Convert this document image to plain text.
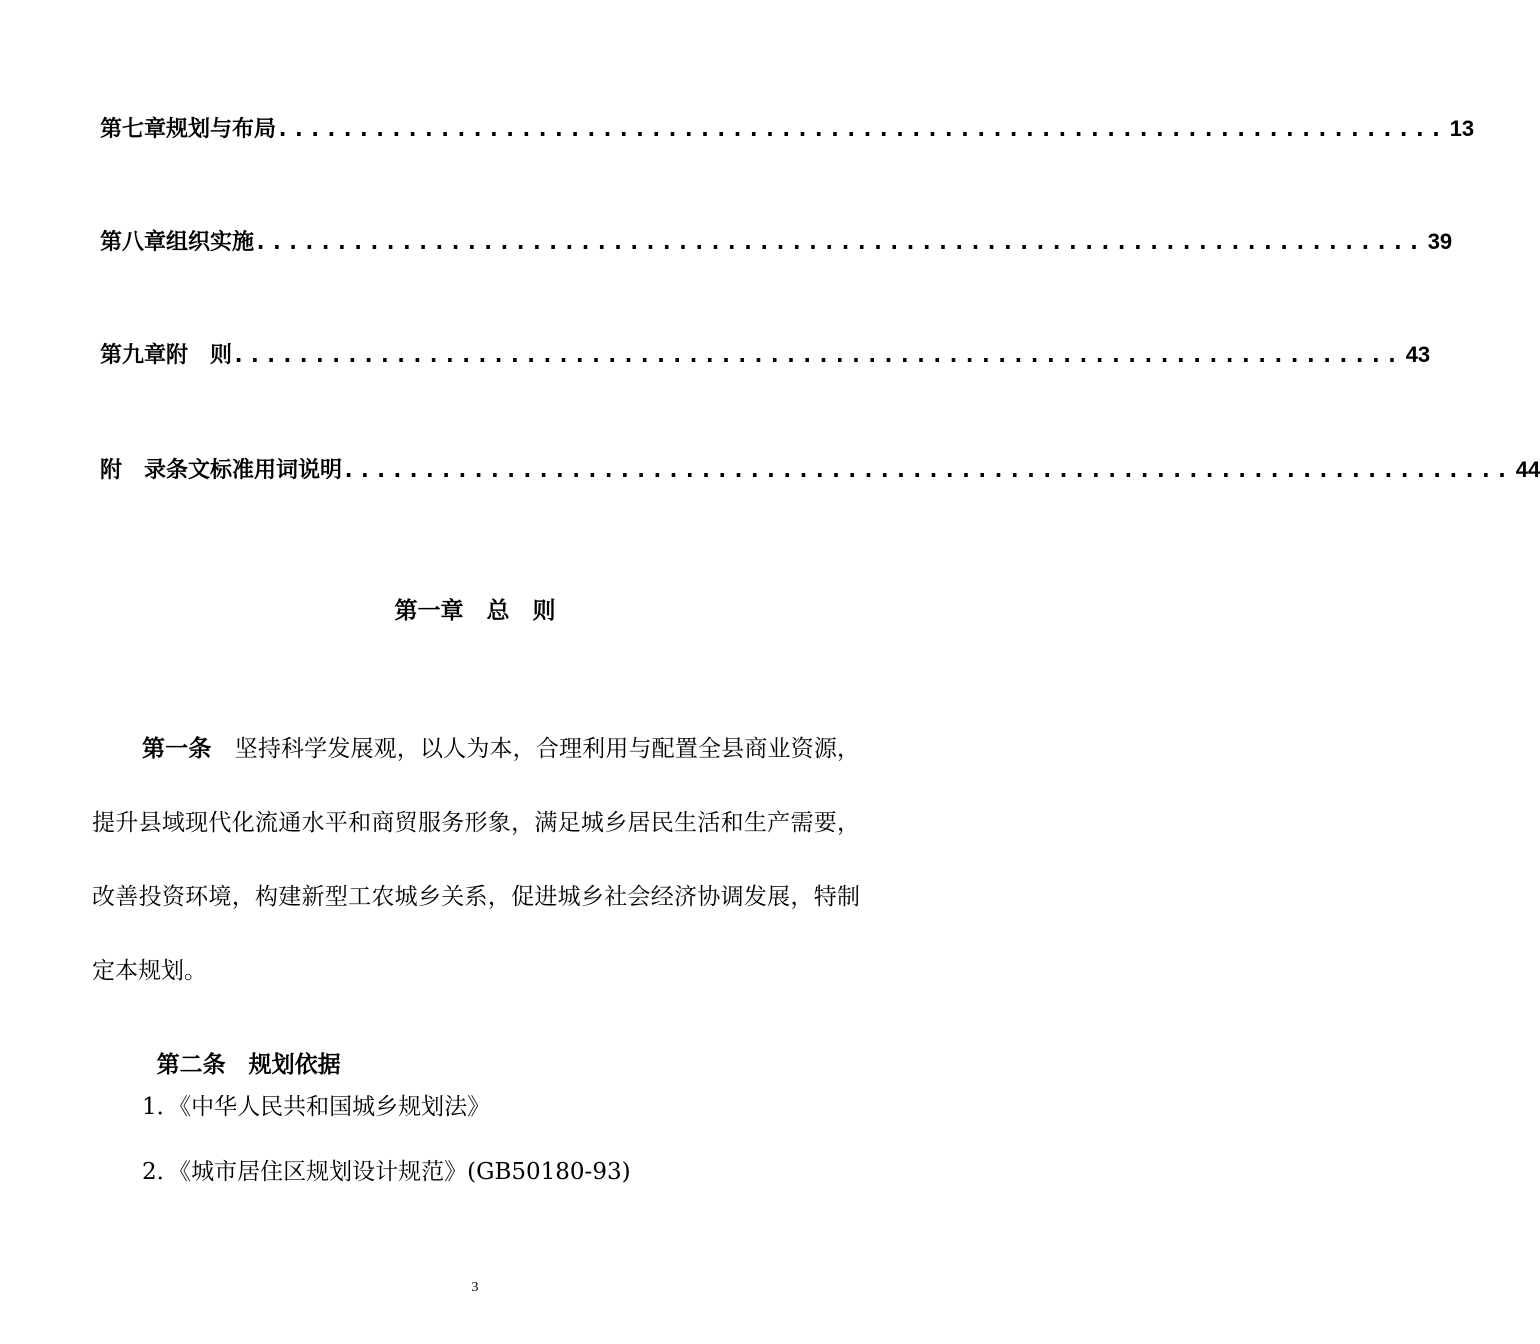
第七章 规划与布局 ........................................................................ 13
第八章 组织实施 ........................................................................ 39
第九章 附　则 ........................................................................ 43
附　录 条文标准用词说明 ........................................................................ 44
第一章　总　则

第一条　 坚持科学发展观，以人为本，合理利用与配置全县商业资源，提升县域现代化流通水平和商贸服务形象，满足城乡居民生活和生产需要，改善投资环境，构建新型工农城乡关系，促进城乡社会经济协调发展，特制定本规划。

第二条　 规划依据

1．《中华人民共和国城乡规划法》
2．《城市居住区规划设计规范》(GB50180-93)
3
